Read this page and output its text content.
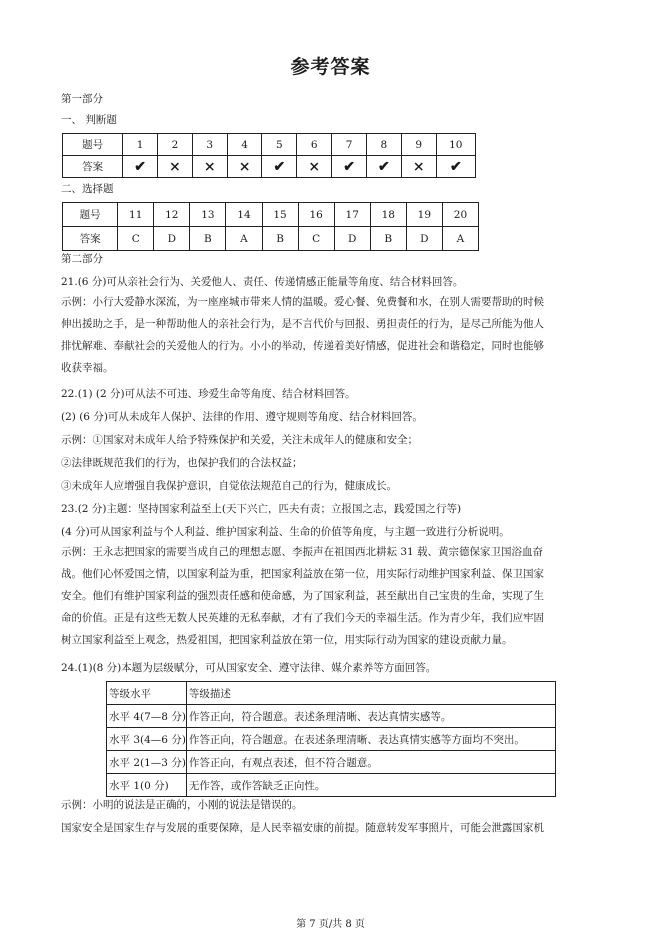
参考答案
第一部分
一、 判断题
题号	1	2	3	4	5	6	7	8	9	10
答案	✔	×	×	×	✔	×	✔	✔	×	✔
二、选择题
题号	11	12	13	14	15	16	17	18	19	20
答案	C	D	B	A	B	C	D	B	D	A
第二部分
21.(6 分)可从亲社会行为、关爱他人、责任、传递情感正能量等角度、结合材料回答。
示例：小行大爱静水深流，为一座座城市带来人情的温暖。爱心餐、免费餐和水，在别人需要帮助的时候
伸出援助之手，是一种帮助他人的亲社会行为，是不言代价与回报、勇担责任的行为，是尽己所能为他人
排忧解难、奉献社会的关爱他人的行为。小小的举动，传递着美好情感，促进社会和谐稳定，同时也能够
收获幸福。
22.(1) (2 分)可从法不可违、珍爱生命等角度、结合材料回答。
(2) (6 分)可从未成年人保护、法律的作用、遵守规则等角度、结合材料回答。
示例：①国家对未成年人给予特殊保护和关爱，关注未成年人的健康和安全；
②法律既规范我们的行为，也保护我们的合法权益；
③未成年人应增强自我保护意识，自觉依法规范自己的行为，健康成长。
23.(2 分)主题：坚持国家利益至上(天下兴亡，匹夫有责；立报国之志，践爱国之行等)
(4 分)可从国家利益与个人利益、维护国家利益、生命的价值等角度，与主题一致进行分析说明。
示例：王永志把国家的需要当成自己的理想志愿、李振声在祖国西北耕耘 31 载、黄宗德保家卫国浴血奋
战。他们心怀爱国之情，以国家利益为重，把国家利益放在第一位，用实际行动维护国家利益、保卫国家
安全。他们有维护国家利益的强烈责任感和使命感，为了国家利益，甚至献出自己宝贵的生命，实现了生
命的价值。正是有这些无数人民英雄的无私奉献，才有了我们今天的幸福生活。作为青少年，我们应牢固
树立国家利益至上观念，热爱祖国，把国家利益放在第一位，用实际行动为国家的建设贡献力量。
24.(1)(8 分)本题为层级赋分，可从国家安全、遵守法律、媒介素养等方面回答。
等级水平	等级描述
水平 4(7—8 分)	作答正向，符合题意。表述条理清晰、表达真情实感等。
水平 3(4—6 分)	作答正向，符合题意。在表述条理清晰、表达真情实感等方面均不突出。
水平 2(1—3 分)	作答正向，有观点表述，但不符合题意。
水平 1(0 分)	无作答，或作答缺乏正向性。
示例：小明的说法是正确的，小刚的说法是错误的。
国家安全是国家生存与发展的重要保障，是人民幸福安康的前提。随意转发军事照片，可能会泄露国家机
第 7 页/共 8 页
